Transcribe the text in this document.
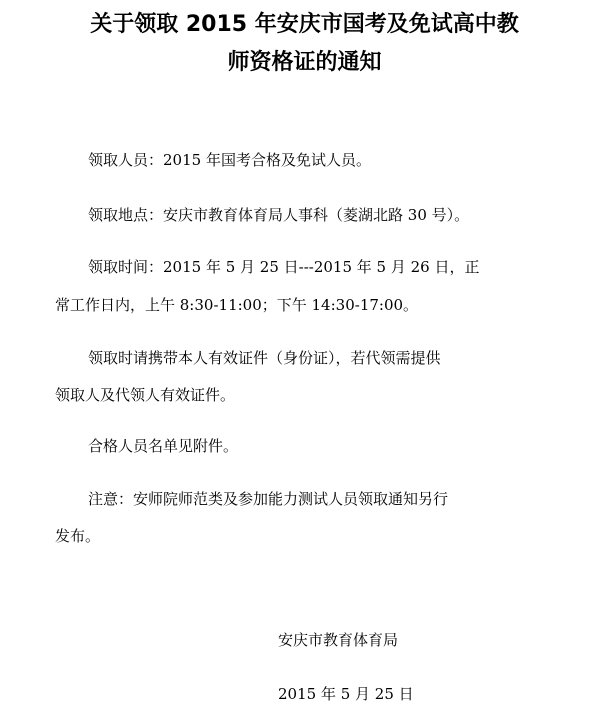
关于领取 2015 年安庆市国考及免试高中教
师资格证的通知
领取人员：2015 年国考合格及免试人员。
领取地点：安庆市教育体育局人事科（菱湖北路 30 号）。
领取时间：2015 年 5 月 25 日---2015 年 5 月 26 日，正
常工作日内，上午 8:30-11:00；下午 14:30-17:00。
领取时请携带本人有效证件（身份证），若代领需提供
领取人及代领人有效证件。
合格人员名单见附件。
注意：安师院师范类及参加能力测试人员领取通知另行
发布。
安庆市教育体育局
2015 年 5 月 25 日
